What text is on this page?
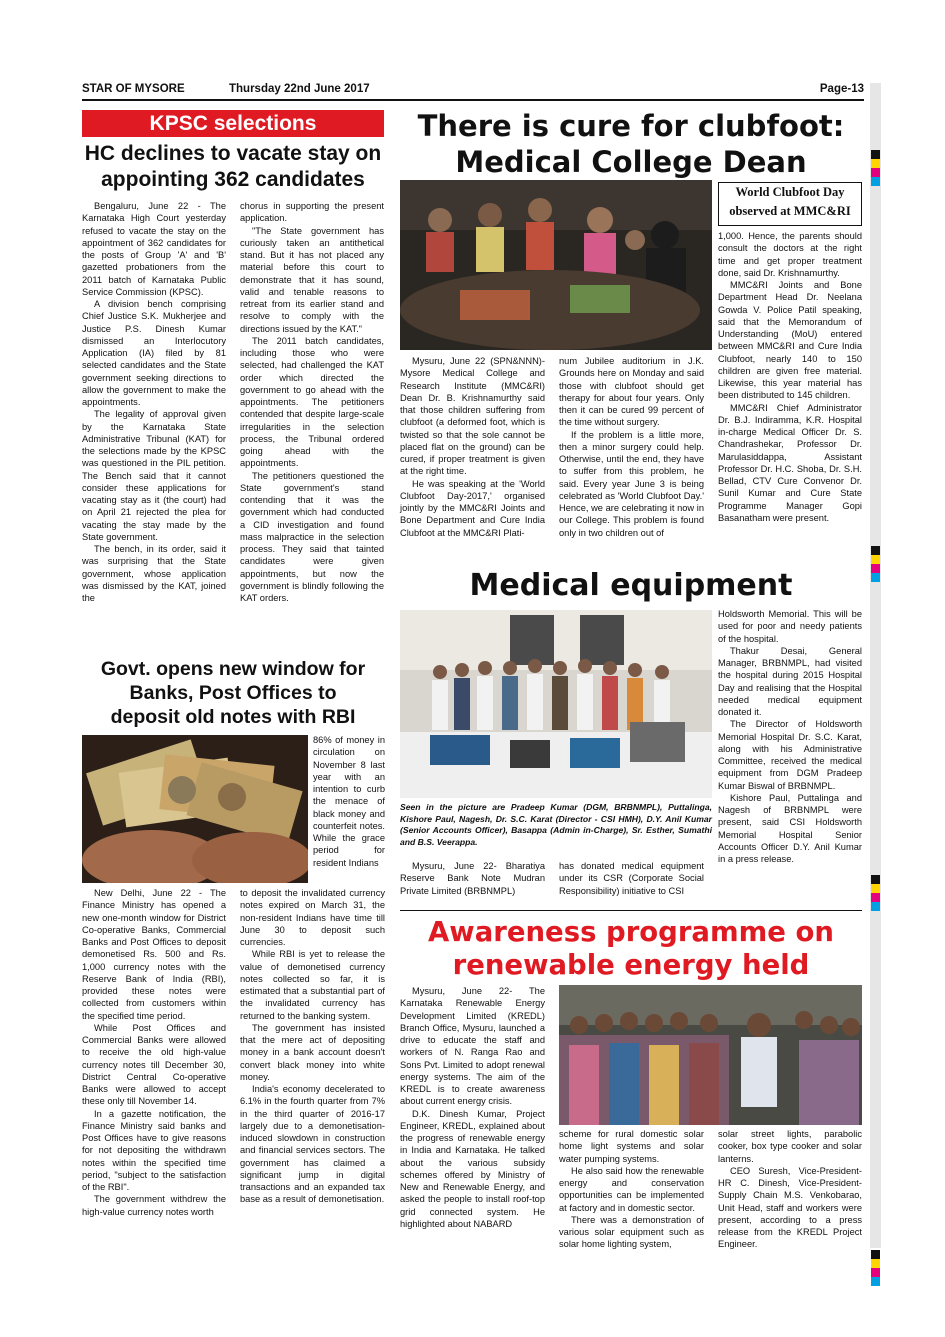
STAR OF MYSORE	Thursday 22nd June 2017	Page-13
KPSC selections
HC declines to vacate stay on
appointing 362 candidates

Bengaluru, June 22 - The Karnataka High Court yesterday refused to vacate the stay on the appointment of 362 candidates for the posts of Group 'A' and 'B' gazetted probationers from the 2011 batch of Karnataka Public Service Commission (KPSC).

A division bench comprising Chief Justice S.K. Mukherjee and Justice P.S. Dinesh Kumar dismissed an Interlocutory Application (IA) filed by 81 selected candidates and the State government seeking directions to allow the government to make the appointments.

The legality of approval given by the Karnataka State Administrative Tribunal (KAT) for the selections made by the KPSC was questioned in the PIL petition. The Bench said that it cannot consider these applications for vacating stay as it (the court) had on April 21 rejected the plea for vacating the stay made by the State government.

The bench, in its order, said it was surprising that the State government, whose application was dismissed by the KAT, joined the

chorus in supporting the present application.

"The State government has curiously taken an antithetical stand. But it has not placed any material before this court to demonstrate that it has sound, valid and tenable reasons to retreat from its earlier stand and resolve to comply with the directions issued by the KAT."

The 2011 batch candidates, including those who were selected, had challenged the KAT order which directed the government to go ahead with the appointments. The petitioners contended that despite large-scale irregularities in the selection process, the Tribunal ordered going ahead with the appointments.

The petitioners questioned the State government's stand contending that it was the government which had conducted a CID investigation and found mass malpractice in the selection process. They said that tainted candidates were given appointments, but now the government is blindly following the KAT orders.

Govt. opens new window for
Banks, Post Offices to
deposit old notes with RBI

86% of money in circulation on November 8 last year with an intention to curb the menace of black money and counterfeit notes. While the grace period for resident Indians

New Delhi, June 22 - The Finance Ministry has opened a new one-month window for District Co-operative Banks, Commercial Banks and Post Offices to deposit demonetised Rs. 500 and Rs. 1,000 currency notes with the Reserve Bank of India (RBI), provided these notes were collected from customers within the specified time period.

While Post Offices and Commercial Banks were allowed to receive the old high-value currency notes till December 30, District Central Co-operative Banks were allowed to accept these only till November 14.

In a gazette notification, the Finance Ministry said banks and Post Offices have to give reasons for not depositing the withdrawn notes within the specified time period, "subject to the satisfaction of the RBI".

The government withdrew the high-value currency notes worth

to deposit the invalidated currency notes expired on March 31, the non-resident Indians have time till June 30 to deposit such currencies.

While RBI is yet to release the value of demonetised currency notes collected so far, it is estimated that a substantial part of the invalidated currency has returned to the banking system.

The government has insisted that the mere act of depositing money in a bank account doesn't convert black money into white money.

India's economy decelerated to 6.1% in the fourth quarter from 7% in the third quarter of 2016-17 largely due to a demonetisation-induced slowdown in construction and financial services sectors. The government has claimed a significant jump in digital transactions and an expanded tax base as a result of demonetisation.

There is cure for clubfoot:
Medical College Dean
World Clubfoot Day
observed at MMC&RI

Mysuru, June 22 (SPN&NNN)- Mysore Medical College and Research Institute (MMC&RI) Dean Dr. B. Krishnamurthy said that those children suffering from clubfoot (a deformed foot, which is twisted so that the sole cannot be placed flat on the ground) can be cured, if proper treatment is given at the right time.

He was speaking at the 'World Clubfoot Day-2017,' organised jointly by the MMC&RI Joints and Bone Department and Cure India Clubfoot at the MMC&RI Plati-

num Jubilee auditorium in J.K. Grounds here on Monday and said those with clubfoot should get therapy for about four years. Only then it can be cured 99 percent of the time without surgery.

If the problem is a little more, then a minor surgery could help. Otherwise, until the end, they have to suffer from this problem, he said. Every year June 3 is being celebrated as 'World Clubfoot Day.' Hence, we are celebrating it now in our College. This problem is found only in two children out of

1,000. Hence, the parents should consult the doctors at the right time and get proper treatment done, said Dr. Krishnamurthy.

MMC&RI Joints and Bone Department Head Dr. Neelana Gowda V. Police Patil speaking, said that the Memorandum of Understanding (MoU) entered between MMC&RI and Cure India Clubfoot, nearly 140 to 150 children are given free material. Likewise, this year material has been distributed to 145 children.

MMC&RI Chief Administrator Dr. B.J. Indiramma, K.R. Hospital in-charge Medical Officer Dr. S. Chandrashekar, Professor Dr. Marulasiddappa, Assistant Professor Dr. H.C. Shoba, Dr. S.H. Bellad, CTV Cure Convenor Dr. Sunil Kumar and Cure State Programme Manager Gopi Basanatham were present.

Medical equipment
Seen in the picture are Pradeep Kumar (DGM, BRBNMPL), Puttalinga, Kishore Paul, Nagesh, Dr. S.C. Karat (Director - CSI HMH), D.Y. Anil Kumar (Senior Accounts Officer), Basappa (Admin in-Charge), Sr. Esther, Sumathi and B.S. Veerappa.

Mysuru, June 22- Bharatiya Reserve Bank Note Mudran Private Limited (BRBNMPL)

has donated medical equipment under its CSR (Corporate Social Responsibility) initiative to CSI

Holdsworth Memorial. This will be used for poor and needy patients of the hospital.

Thakur Desai, General Manager, BRBNMPL, had visited the hospital during 2015 Hospital Day and realising that the Hospital needed medical equipment donated it.

The Director of Holdsworth Memorial Hospital Dr. S.C. Karat, along with his Administrative Committee, received the medical equipment from DGM Pradeep Kumar Biswal of BRBNMPL.

Kishore Paul, Puttalinga and Nagesh of BRBNMPL were present, said CSI Holdsworth Memorial Hospital Senior Accounts Officer D.Y. Anil Kumar in a press release.

Awareness programme on
renewable energy held

Mysuru, June 22- The Karnataka Renewable Energy Development Limited (KREDL) Branch Office, Mysuru, launched a drive to educate the staff and workers of N. Ranga Rao and Sons Pvt. Limited to adopt renewal energy systems. The aim of the KREDL is to create awareness about current energy crisis.

D.K. Dinesh Kumar, Project Engineer, KREDL, explained about the progress of renewable energy in India and Karnataka. He talked about the various subsidy schemes offered by Ministry of New and Renewable Energy, and asked the people to install roof-top grid connected system. He highlighted about NABARD

scheme for rural domestic solar home light systems and solar water pumping systems.

He also said how the renewable energy and conservation opportunities can be implemented at factory and in domestic sector.

There was a demonstration of various solar equipment such as solar home lighting system,

solar street lights, parabolic cooker, box type cooker and solar lanterns.

CEO Suresh, Vice-President-HR C. Dinesh, Vice-President-Supply Chain M.S. Venkobarao, Unit Head, staff and workers were present, according to a press release from the KREDL Project Engineer.
